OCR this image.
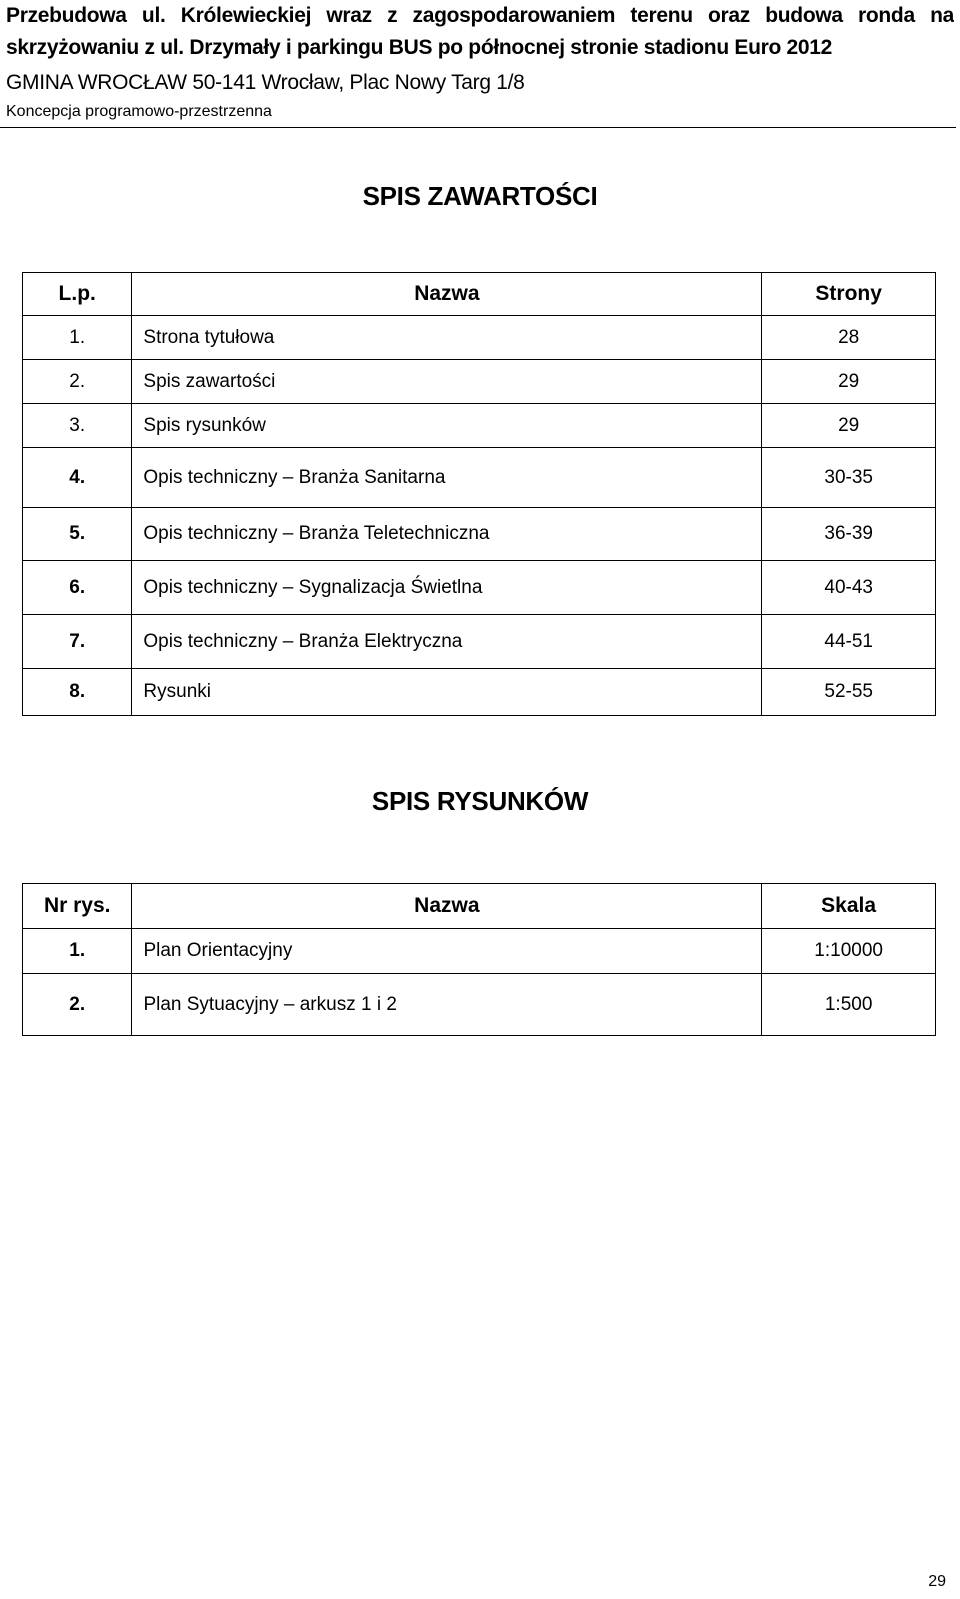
Przebudowa ul. Królewieckiej wraz z zagospodarowaniem terenu oraz budowa ronda na
skrzyżowaniu z ul. Drzymały i parkingu BUS po północnej stronie stadionu Euro 2012
GMINA WROCŁAW 50-141 Wrocław, Plac Nowy Targ 1/8
Koncepcja programowo-przestrzenna
SPIS ZAWARTOŚCI
L.p.	Nazwa	Strony
1.	Strona tytułowa	28
2.	Spis zawartości	29
3.	Spis rysunków	29
4.	Opis techniczny – Branża Sanitarna	30-35
5.	Opis techniczny – Branża Teletechniczna	36-39
6.	Opis techniczny – Sygnalizacja Świetlna	40-43
7.	Opis techniczny – Branża Elektryczna	44-51
8.	Rysunki	52-55
SPIS RYSUNKÓW
Nr rys.	Nazwa	Skala
1.	Plan Orientacyjny	1:10000
2.	Plan Sytuacyjny – arkusz 1 i 2	1:500
29
